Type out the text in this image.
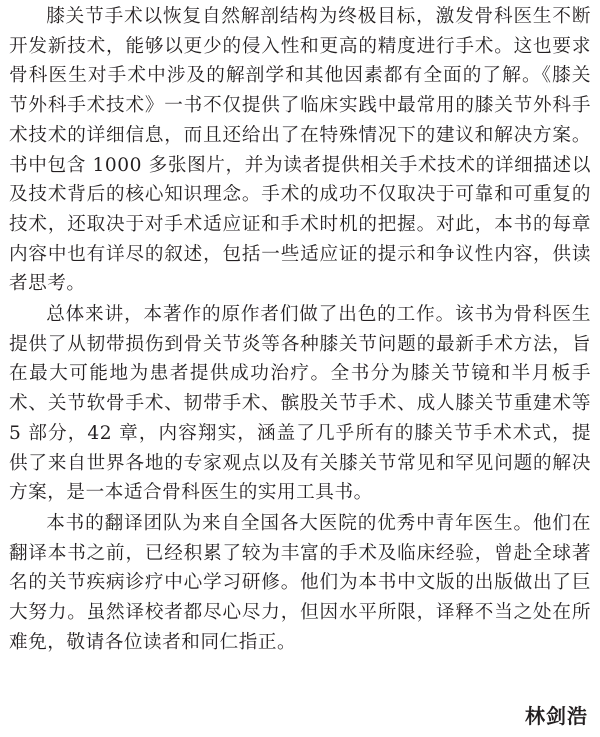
膝关节手术以恢复自然解剖结构为终极目标，激发骨科医生不断开发新技术，能够以更少的侵入性和更高的精度进行手术。这也要求骨科医生对手术中涉及的解剖学和其他因素都有全面的了解。《膝关节外科手术技术》一书不仅提供了临床实践中最常用的膝关节外科手术技术的详细信息，而且还给出了在特殊情况下的建议和解决方案。书中包含 1000 多张图片，并为读者提供相关手术技术的详细描述以及技术背后的核心知识理念。手术的成功不仅取决于可靠和可重复的技术，还取决于对手术适应证和手术时机的把握。对此，本书的每章内容中也有详尽的叙述，包括一些适应证的提示和争议性内容，供读者思考。

总体来讲，本著作的原作者们做了出色的工作。该书为骨科医生提供了从韧带损伤到骨关节炎等各种膝关节问题的最新手术方法，旨在最大可能地为患者提供成功治疗。全书分为膝关节镜和半月板手术、关节软骨手术、韧带手术、髌股关节手术、成人膝关节重建术等 5 部分，42 章，内容翔实，涵盖了几乎所有的膝关节手术术式，提供了来自世界各地的专家观点以及有关膝关节常见和罕见问题的解决方案，是一本适合骨科医生的实用工具书。

本书的翻译团队为来自全国各大医院的优秀中青年医生。他们在翻译本书之前，已经积累了较为丰富的手术及临床经验，曾赴全球著名的关节疾病诊疗中心学习研修。他们为本书中文版的出版做出了巨大努力。虽然译校者都尽心尽力，但因水平所限，译释不当之处在所难免，敬请各位读者和同仁指正。

林剑浩
